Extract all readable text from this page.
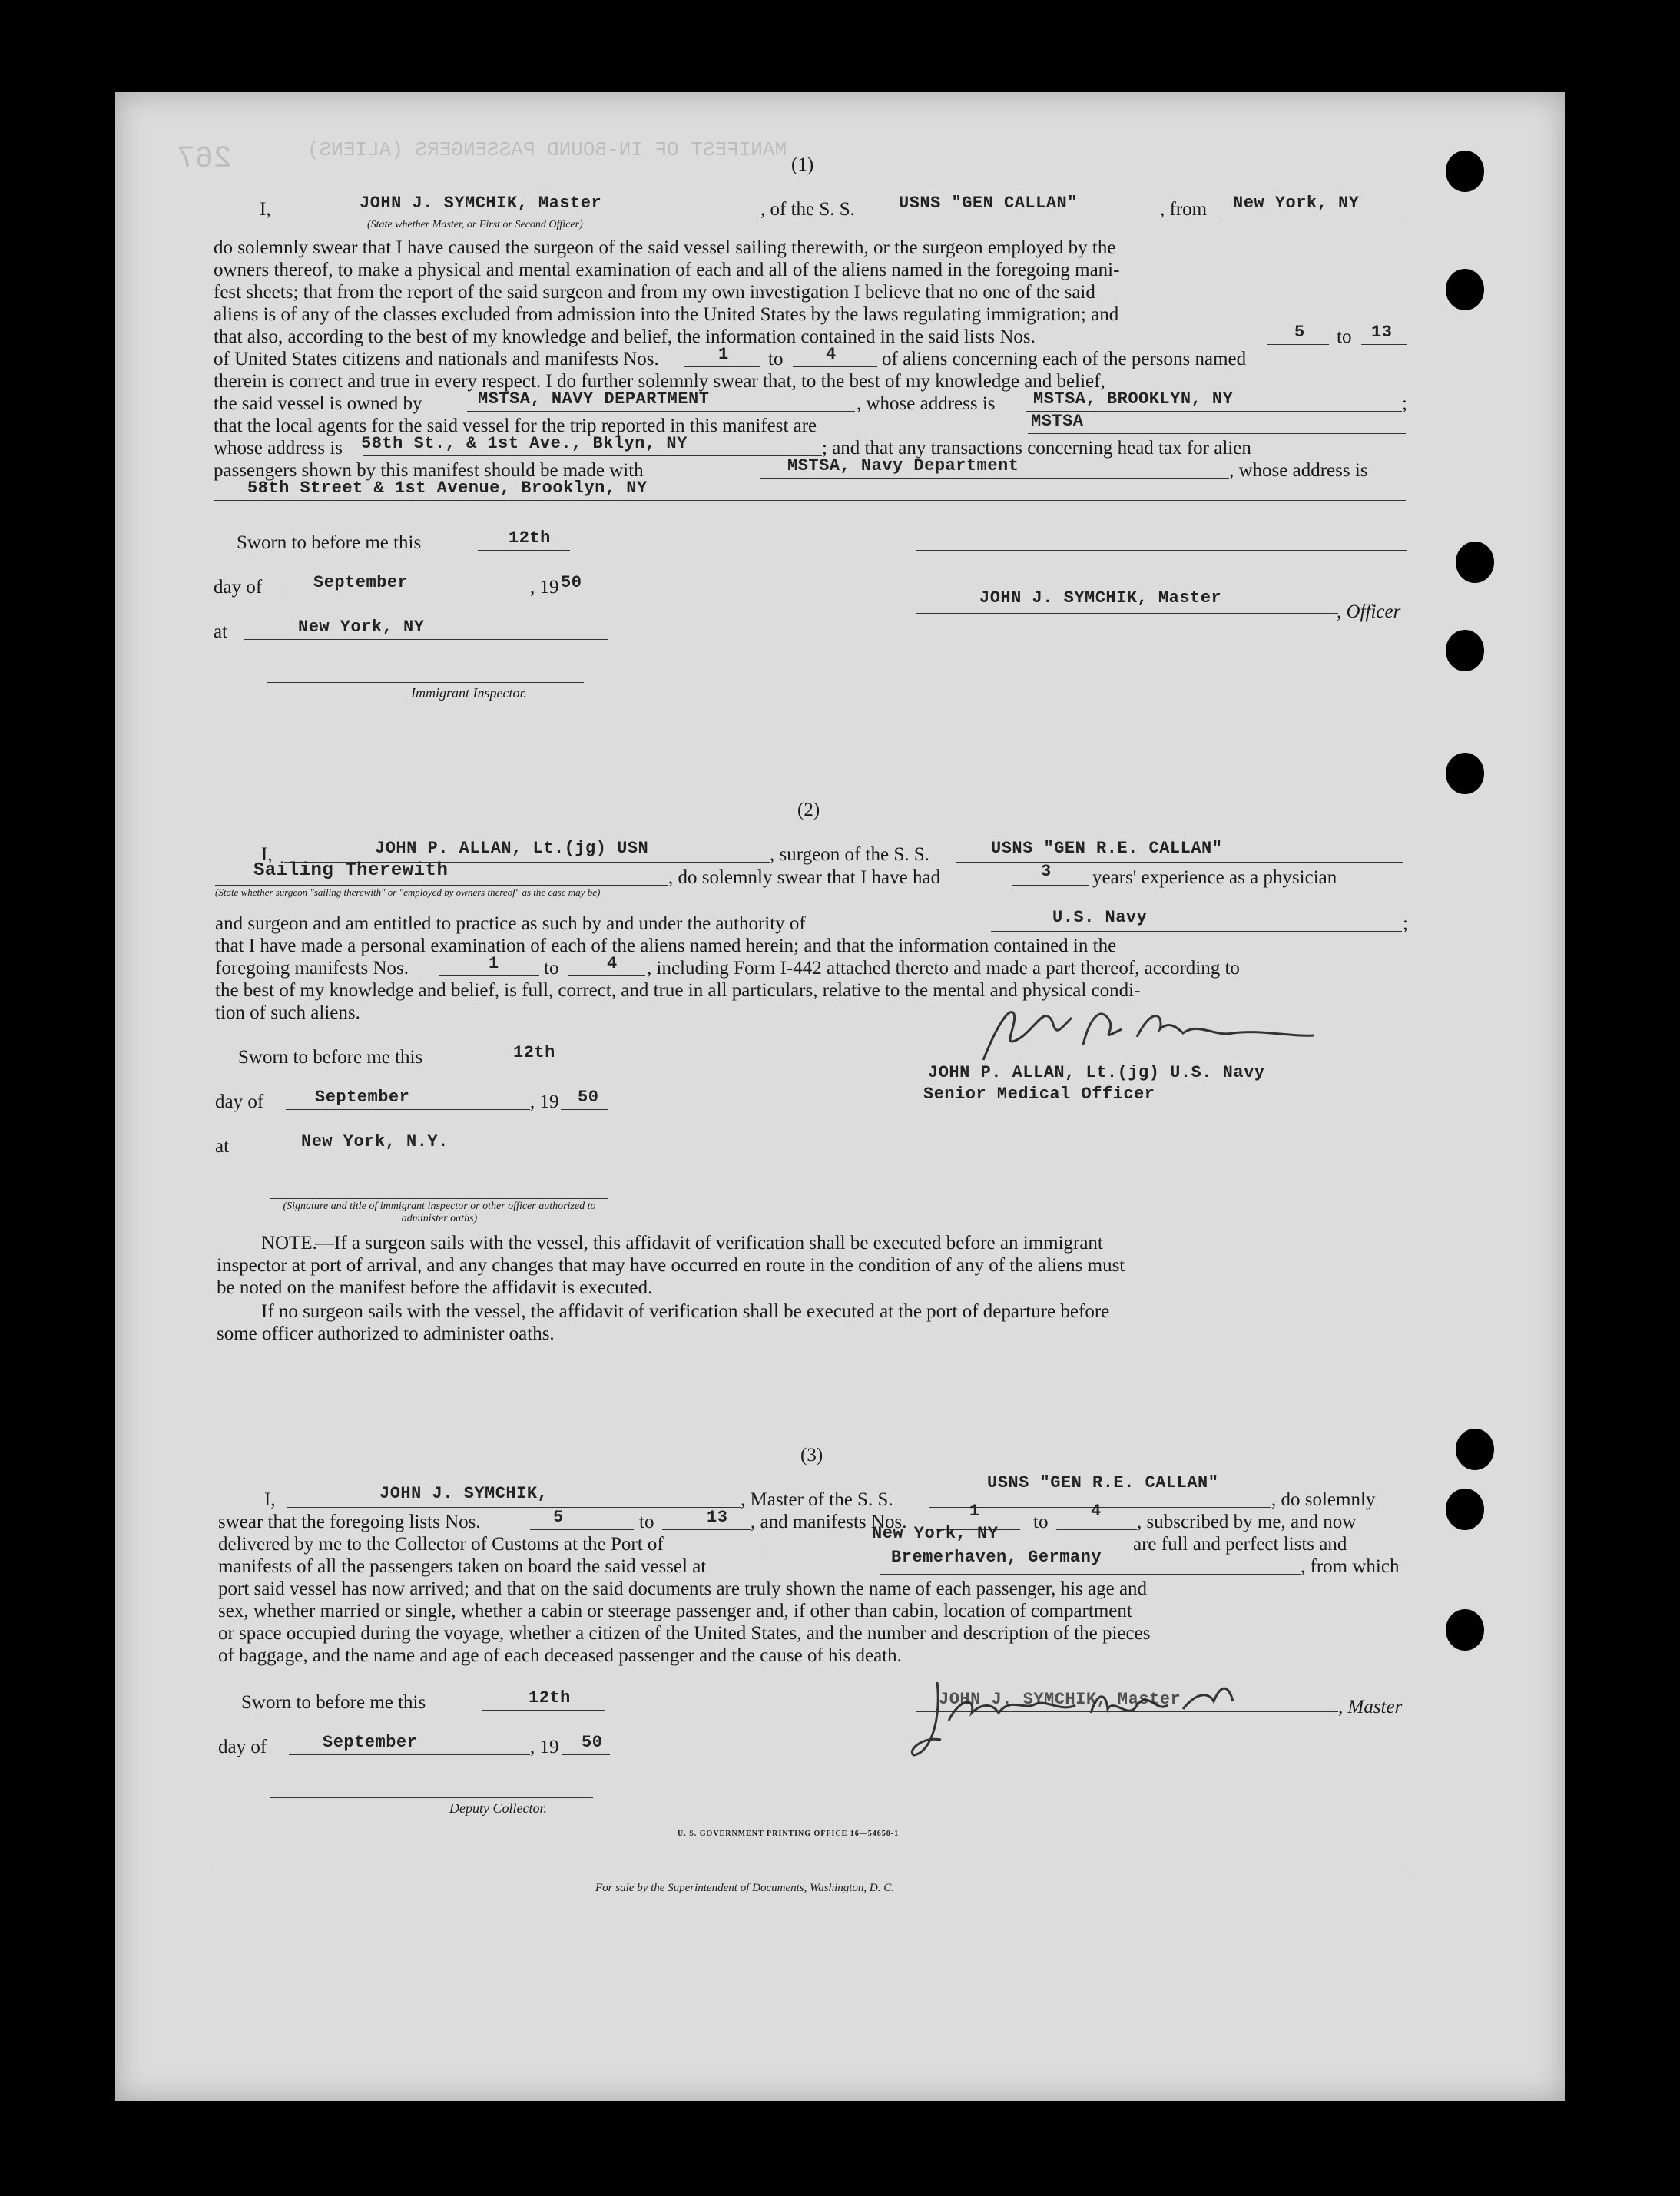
MANIFEST OF IN-BOUND PASSENGERS (ALIENS)
267	(1)
I,	JOHN J. SYMCHIK, Master
(State whether Master, or First or Second Officer)
, of the S. S.	USNS "GEN CALLAN"	, from New York, NY
do solemnly swear that I have caused the surgeon of the said vessel sailing therewith, or the surgeon employed by the
owners thereof, to make a physical and mental examination of each and all of the aliens named in the foregoing mani-
fest sheets; that from the report of the said surgeon and from my own investigation I believe that no one of the said
aliens is of any of the classes excluded from admission into the United States by the laws regulating immigration; and
that also, according to the best of my knowledge and belief, the information contained in the said lists Nos.	5 to 13
of United States citizens and nationals and manifests Nos.	1 to	4 of aliens concerning each of the persons named
therein is correct and true in every respect. I do further solemnly swear that, to the best of my knowledge and belief,
the said vessel is owned by	MSTSA, NAVY DEPARTMENT	, whose address is MSTSA, BROOKLYN, NY	;
that the local agents for the said vessel for the trip reported in this manifest are	MSTSA
whose address is 58th St., & 1st Ave., Bklyn, NY	; and that any transactions concerning head tax for alien
passengers shown by this manifest should be made with	MSTSA, Navy Department	, whose address is
58th Street & 1st Avenue, Brooklyn, NY
Sworn to before me this	12th
day of	September	, 19 50
at	New York, NY
Immigrant Inspector.
JOHN J. SYMCHIK, Master
, Officer
(2)
I,	JOHN P. ALLAN, Lt.(jg) USN	, surgeon of the S. S.	USNS "GEN R.E. CALLAN"
Sailing Therewith
(State whether surgeon "sailing therewith" or "employed by owners thereof" as the case may be)
, do solemnly swear that I have had	3 years' experience as a physician
and surgeon and am entitled to practice as such by and under the authority of	U.S. Navy	;
that I have made a personal examination of each of the aliens named herein; and that the information contained in the
foregoing manifests Nos.	1 to	4 , including Form I-442 attached thereto and made a part thereof, according to
the best of my knowledge and belief, is full, correct, and true in all particulars, relative to the mental and physical condi-
tion of such aliens.
Sworn to before me this	12th
day of	September	, 19 50
at	New York, N.Y.
(Signature and title of immigrant inspector or other officer authorized to administer oaths)
JOHN P. ALLAN, Lt.(jg) U.S. Navy
Senior Medical Officer
NOTE.
—If a surgeon sails with the vessel, this affidavit of verification shall be executed before an immigrant
inspector at port of arrival, and any changes that may have occurred en route in the condition of any of the aliens must
be noted on the manifest before the affidavit is executed.
If no surgeon sails with the vessel, the affidavit of verification shall be executed at the port of departure before
some officer authorized to administer oaths.
(3)
I,	JOHN J. SYMCHIK,	, Master of the S. S.
USNS "GEN R.E. CALLAN"
, do solemnly
swear that the foregoing lists Nos.	5	to	13 , and manifests Nos.
1
to
4
, subscribed by me, and now
delivered by me to the Collector of Customs at the Port of
New York, NY
are full and perfect lists and
manifests of all the passengers taken on board the said vessel at	Bremerhaven, Germany	, from which
port said vessel has now arrived; and that on the said documents are truly shown the name of each passenger, his age and
sex, whether married or single, whether a cabin or steerage passenger and, if other than cabin, location of compartment
or space occupied during the voyage, whether a citizen of the United States, and the number and description of the pieces
of baggage, and the name and age of each deceased passenger and the cause of his death.
Sworn to before me this	12th
day of	September	, 19 50
Deputy Collector.
JOHN J. SYMCHIK, Master	, Master
U. S. GOVERNMENT PRINTING OFFICE 16—54650-1
For sale by the Superintendent of Documents, Washington, D. C.
